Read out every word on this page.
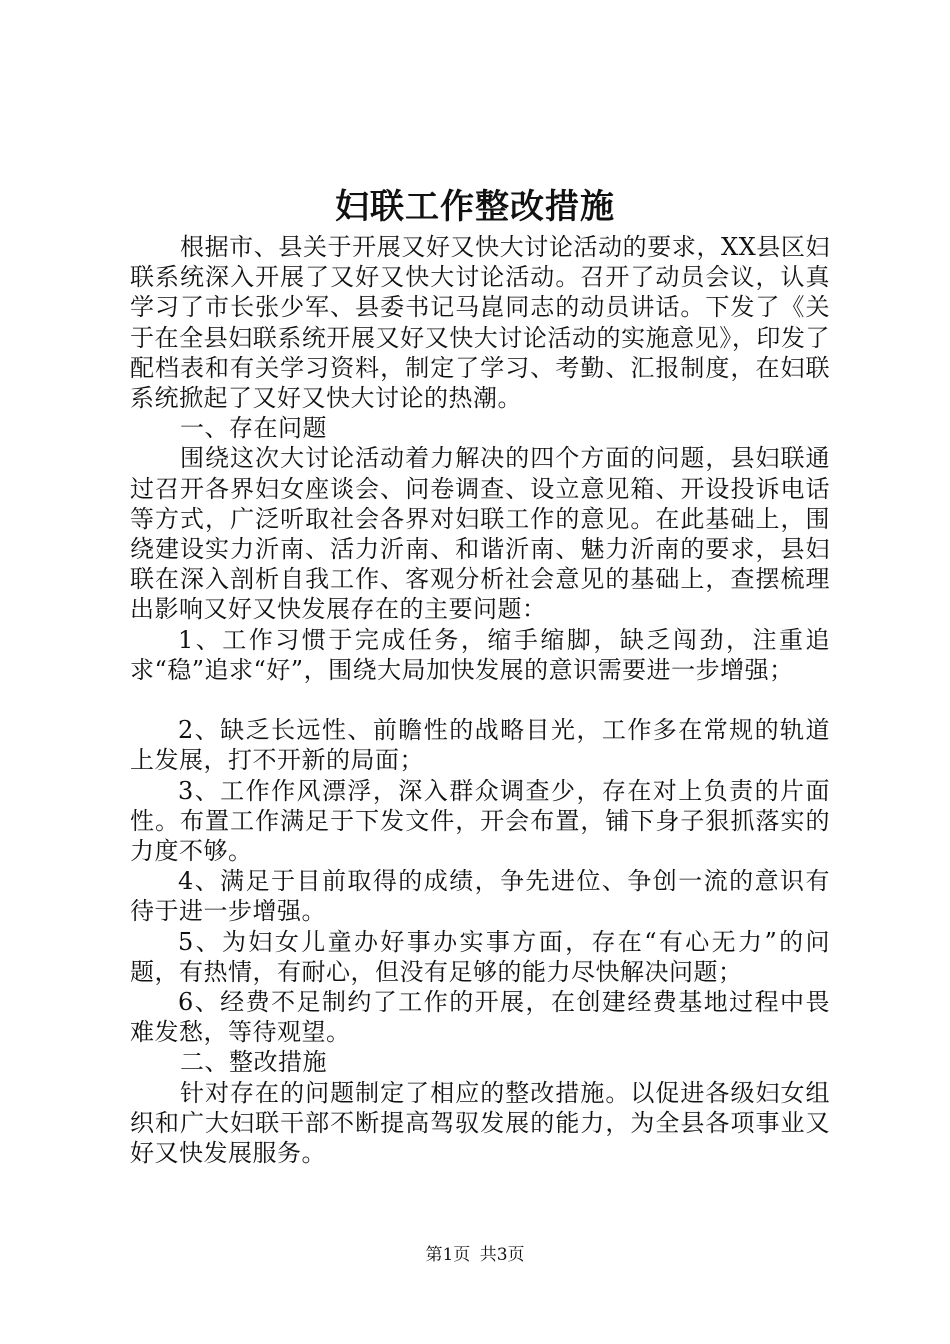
妇联工作整改措施

根据市、县关于开展又好又快大讨论活动的要求，XX县区妇联系统深入开展了又好又快大讨论活动。召开了动员会议，认真学习了市长张少军、县委书记马崑同志的动员讲话。下发了《关于在全县妇联系统开展又好又快大讨论活动的实施意见》，印发了配档表和有关学习资料，制定了学习、考勤、汇报制度，在妇联系统掀起了又好又快大讨论的热潮。

一、存在问题

围绕这次大讨论活动着力解决的四个方面的问题，县妇联通过召开各界妇女座谈会、问卷调查、设立意见箱、开设投诉电话等方式，广泛听取社会各界对妇联工作的意见。在此基础上，围绕建设实力沂南、活力沂南、和谐沂南、魅力沂南的要求，县妇联在深入剖析自我工作、客观分析社会意见的基础上，查摆梳理出影响又好又快发展存在的主要问题：

1、工作习惯于完成任务，缩手缩脚，缺乏闯劲，注重追求“稳”追求“好”，围绕大局加快发展的意识需要进一步增强；

2、缺乏长远性、前瞻性的战略目光，工作多在常规的轨道上发展，打不开新的局面；

3、工作作风漂浮，深入群众调查少，存在对上负责的片面性。布置工作满足于下发文件，开会布置，铺下身子狠抓落实的力度不够。

4、满足于目前取得的成绩，争先进位、争创一流的意识有待于进一步增强。

5、为妇女儿童办好事办实事方面，存在“有心无力”的问题，有热情，有耐心，但没有足够的能力尽快解决问题；

6、经费不足制约了工作的开展，在创建经费基地过程中畏难发愁，等待观望。

二、整改措施

针对存在的问题制定了相应的整改措施。以促进各级妇女组织和广大妇联干部不断提高驾驭发展的能力，为全县各项事业又好又快发展服务。

第1页 共3页
